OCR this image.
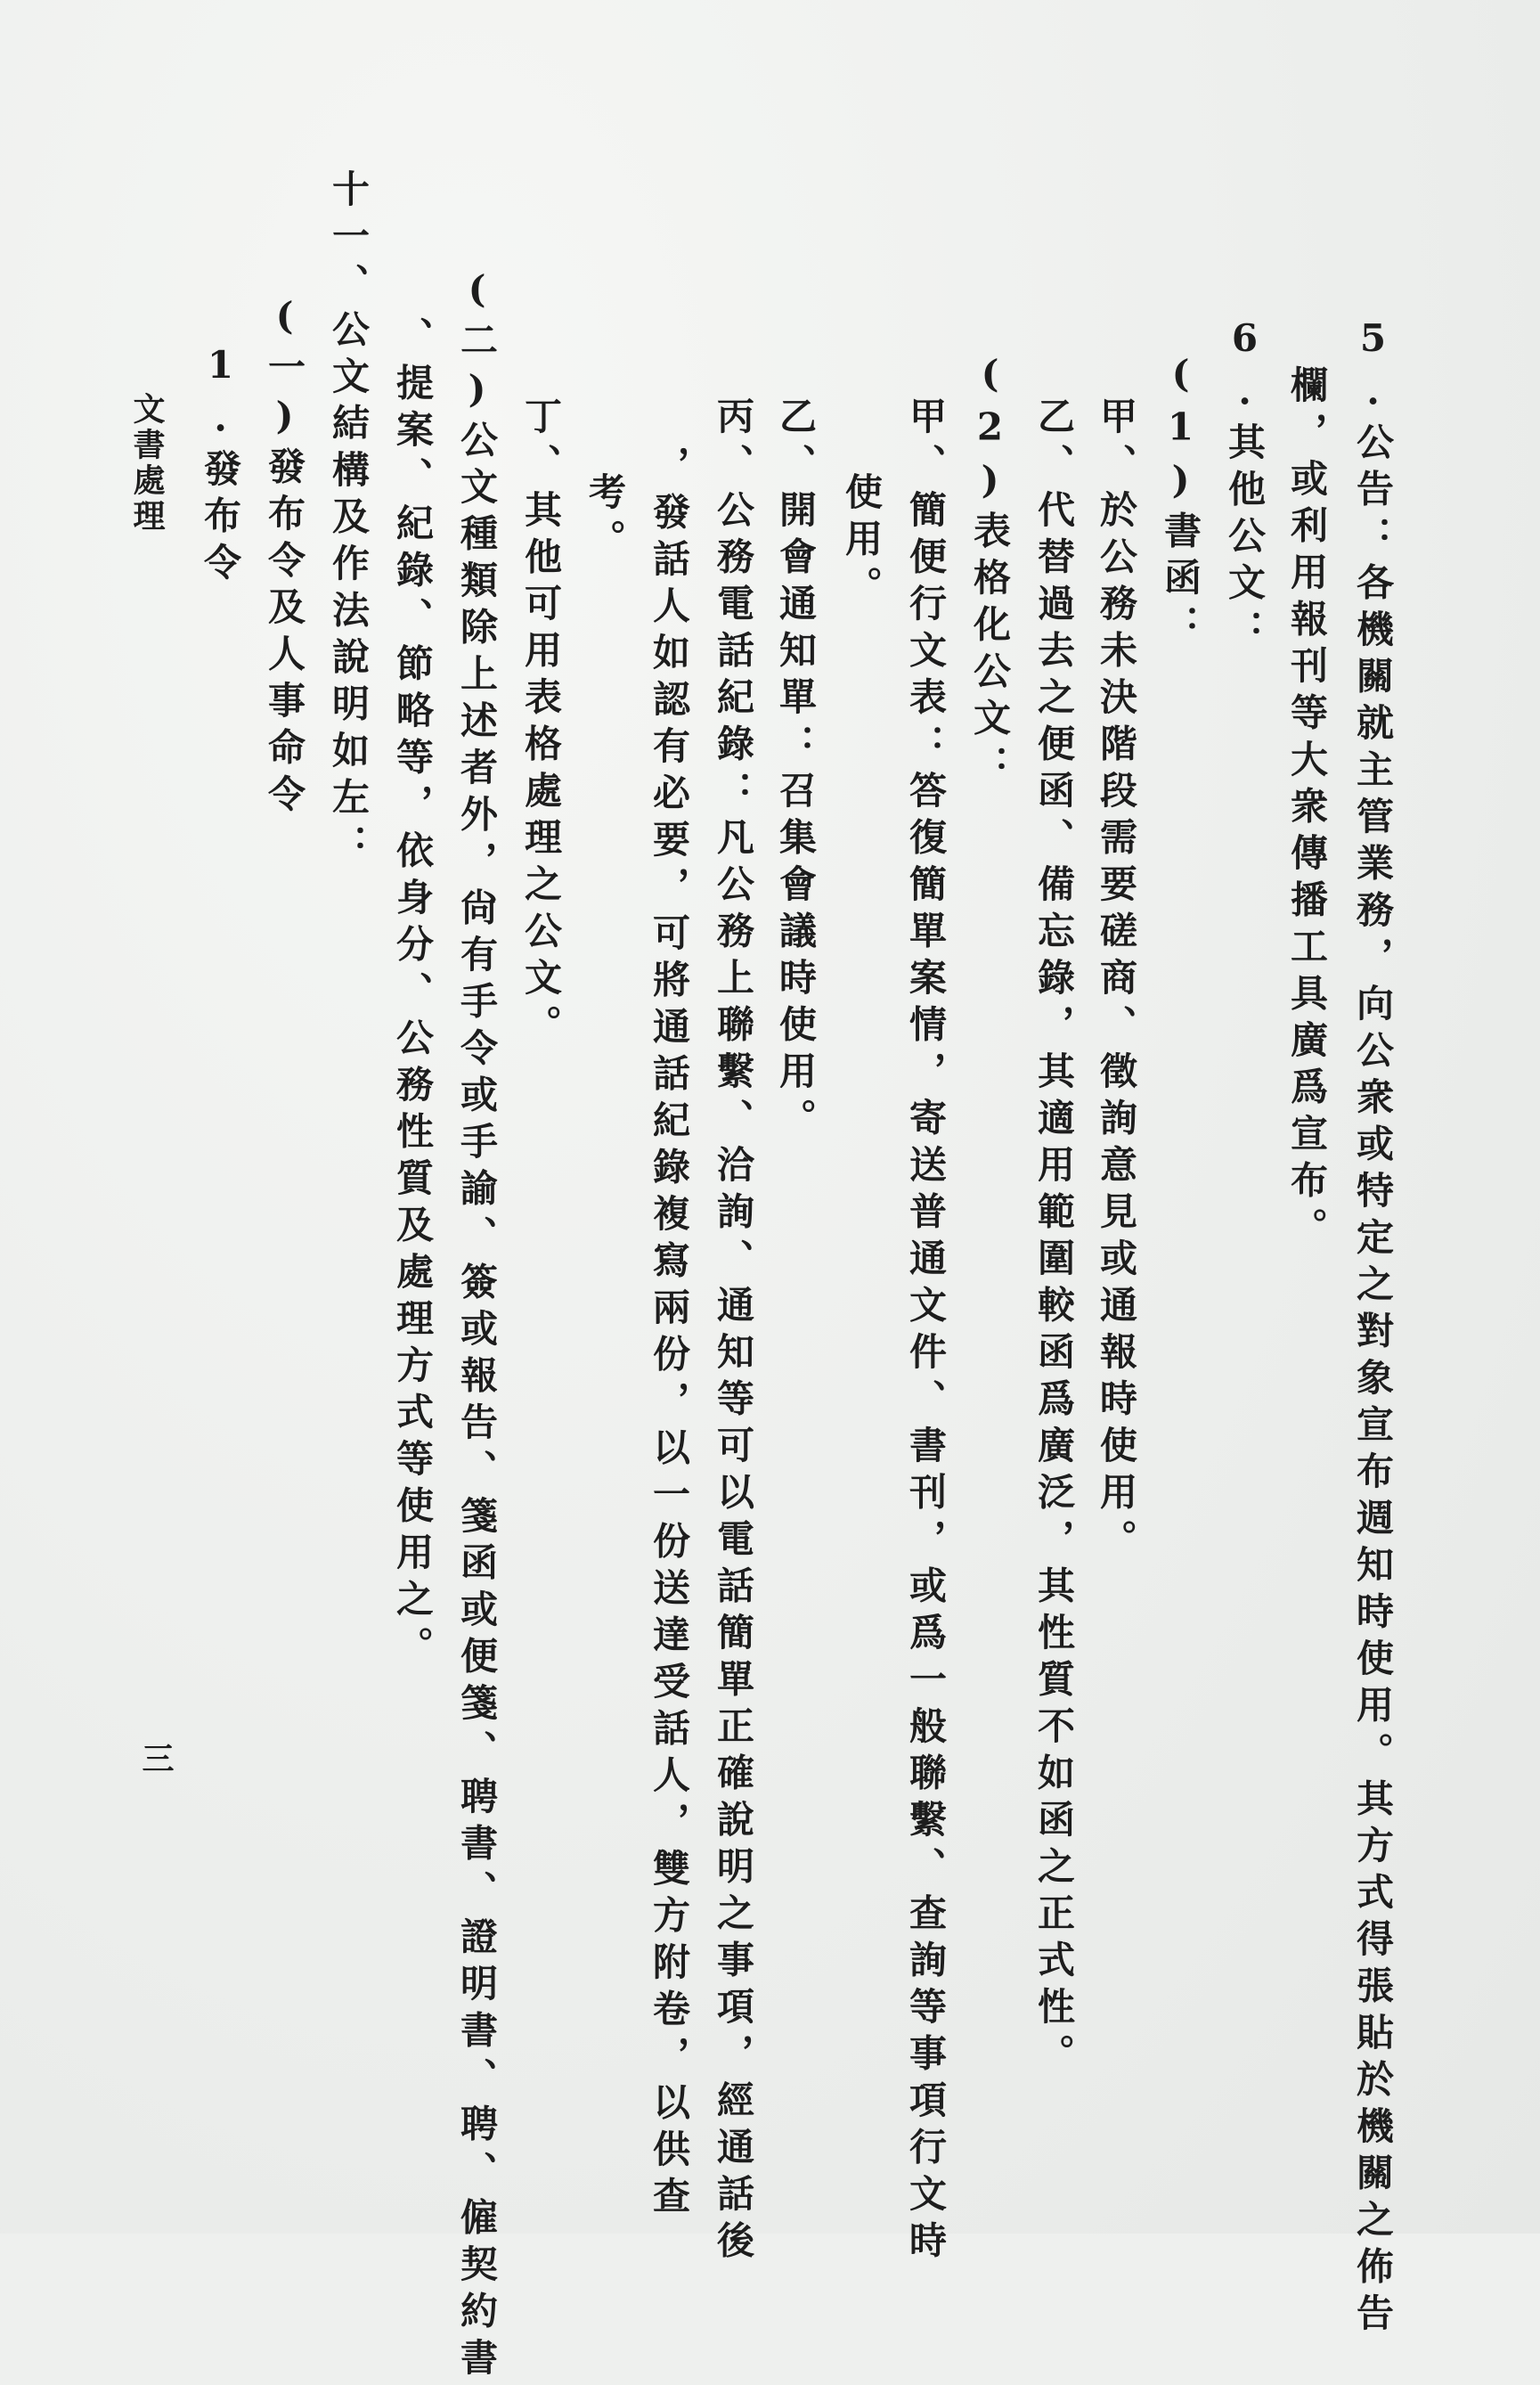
5.公告：各機關就主管業務，向公衆或特定之對象宣布週知時使用。其方式得張貼於機關之佈告
欄，或利用報刊等大衆傳播工具廣爲宣布。
6.其他公文：
(1)書函：
甲、於公務未決階段需要磋商、徵詢意見或通報時使用。
乙、代替過去之便函、備忘錄，其適用範圍較函爲廣泛，其性質不如函之正式性。
(2)表格化公文：
甲、簡便行文表：答復簡單案情，寄送普通文件、書刊，或爲一般聯繫、查詢等事項行文時
使用。
乙、開會通知單：召集會議時使用。
丙、公務電話紀錄：凡公務上聯繫、洽詢、通知等可以電話簡單正確說明之事項，經通話後
，發話人如認有必要，可將通話紀錄複寫兩份，以一份送達受話人，雙方附卷，以供查
考。
丁、其他可用表格處理之公文。
(二)公文種類除上述者外，尙有手令或手諭、簽或報告、箋函或便箋、聘書、證明書、聘、僱契約書
、提案、紀錄、節略等，依身分、公務性質及處理方式等使用之。
十一、公文結構及作法說明如左：
(一)發布令及人事命令
1.發布令
文書處理
三
